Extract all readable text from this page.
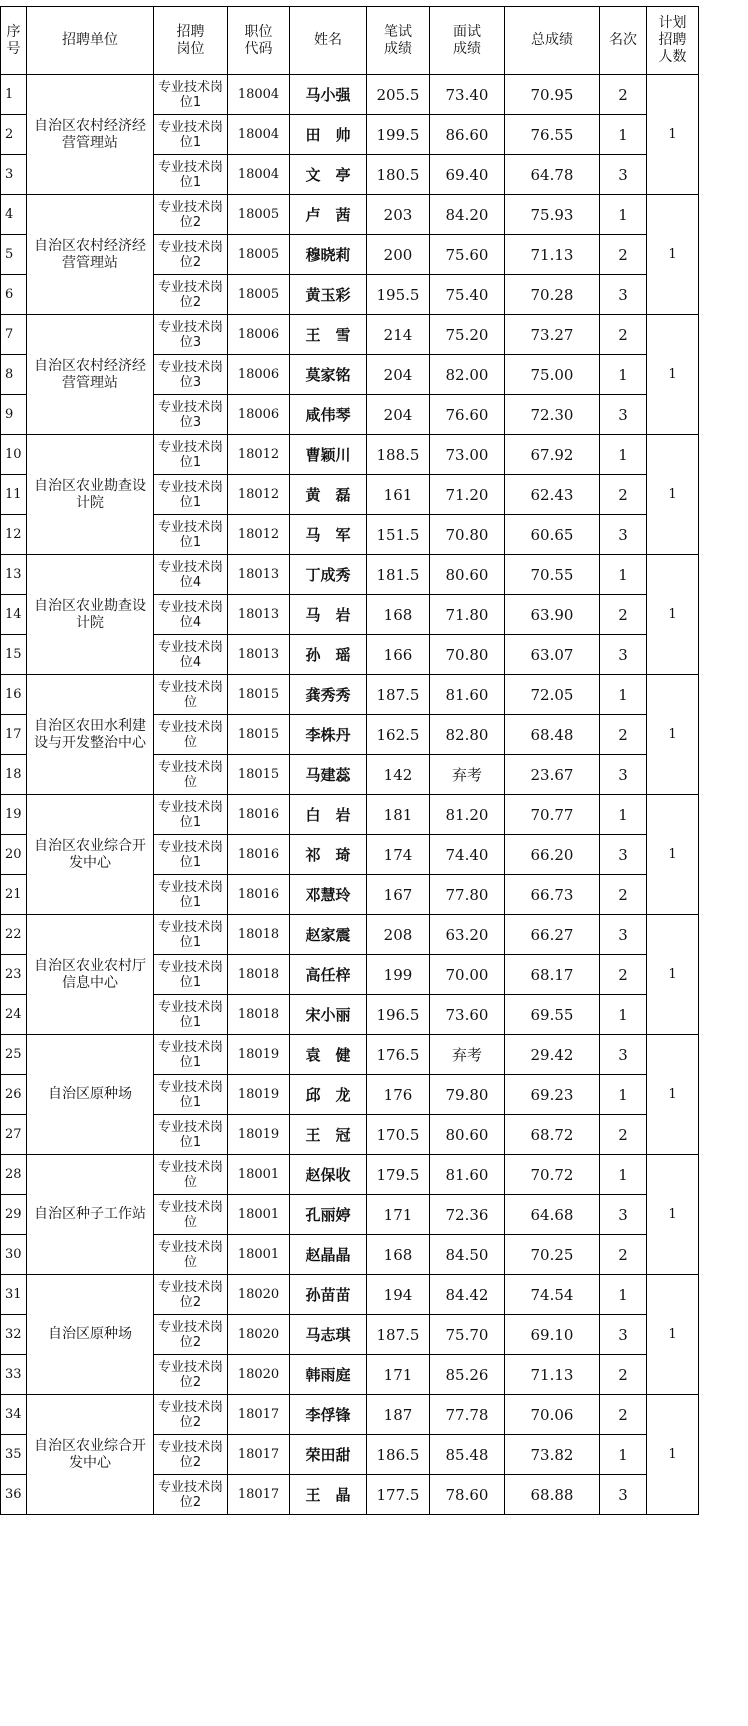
序号	招聘单位	招聘岗位	职位代码	姓名	笔试成绩	面试成绩	总成绩	名次	计划招聘人数
1	自治区农村经济经营管理站	专业技术岗位1	18004	马小强	205.5	73.40	70.95	2	1
2		专业技术岗位1	18004	田　帅	199.5	86.60	76.55	1	
3		专业技术岗位1	18004	文　亭	180.5	69.40	64.78	3	
4	自治区农村经济经营管理站	专业技术岗位2	18005	卢　茜	203	84.20	75.93	1	1
5		专业技术岗位2	18005	穆晓莉	200	75.60	71.13	2	
6		专业技术岗位2	18005	黄玉彩	195.5	75.40	70.28	3	
7	自治区农村经济经营管理站	专业技术岗位3	18006	王　雪	214	75.20	73.27	2	1
8		专业技术岗位3	18006	莫家铭	204	82.00	75.00	1	
9		专业技术岗位3	18006	咸伟琴	204	76.60	72.30	3	
10	自治区农业勘查设计院	专业技术岗位1	18012	曹颖川	188.5	73.00	67.92	1	1
11		专业技术岗位1	18012	黄　磊	161	71.20	62.43	2	
12		专业技术岗位1	18012	马　军	151.5	70.80	60.65	3	
13	自治区农业勘查设计院	专业技术岗位4	18013	丁成秀	181.5	80.60	70.55	1	1
14		专业技术岗位4	18013	马　岩	168	71.80	63.90	2	
15		专业技术岗位4	18013	孙　瑶	166	70.80	63.07	3	
16	自治区农田水利建设与开发整治中心	专业技术岗位	18015	龚秀秀	187.5	81.60	72.05	1	1
17		专业技术岗位	18015	李株丹	162.5	82.80	68.48	2	
18		专业技术岗位	18015	马建蕊	142	弃考	23.67	3	
19	自治区农业综合开发中心	专业技术岗位1	18016	白　岩	181	81.20	70.77	1	1
20		专业技术岗位1	18016	祁　琦	174	74.40	66.20	3	
21		专业技术岗位1	18016	邓慧玲	167	77.80	66.73	2	
22	自治区农业农村厅信息中心	专业技术岗位1	18018	赵家震	208	63.20	66.27	3	1
23		专业技术岗位1	18018	高任梓	199	70.00	68.17	2	
24		专业技术岗位1	18018	宋小丽	196.5	73.60	69.55	1	
25	自治区原种场	专业技术岗位1	18019	袁　健	176.5	弃考	29.42	3	1
26		专业技术岗位1	18019	邱　龙	176	79.80	69.23	1	
27		专业技术岗位1	18019	王　冠	170.5	80.60	68.72	2	
28	自治区种子工作站	专业技术岗位	18001	赵保收	179.5	81.60	70.72	1	1
29		专业技术岗位	18001	孔丽婷	171	72.36	64.68	3	
30		专业技术岗位	18001	赵晶晶	168	84.50	70.25	2	
31	自治区原种场	专业技术岗位2	18020	孙苗苗	194	84.42	74.54	1	1
32		专业技术岗位2	18020	马志琪	187.5	75.70	69.10	3	
33		专业技术岗位2	18020	韩雨庭	171	85.26	71.13	2	
34	自治区农业综合开发中心	专业技术岗位2	18017	李俘锋	187	77.78	70.06	2	1
35		专业技术岗位2	18017	荣田甜	186.5	85.48	73.82	1	
36		专业技术岗位2	18017	王　晶	177.5	78.60	68.88	3	
